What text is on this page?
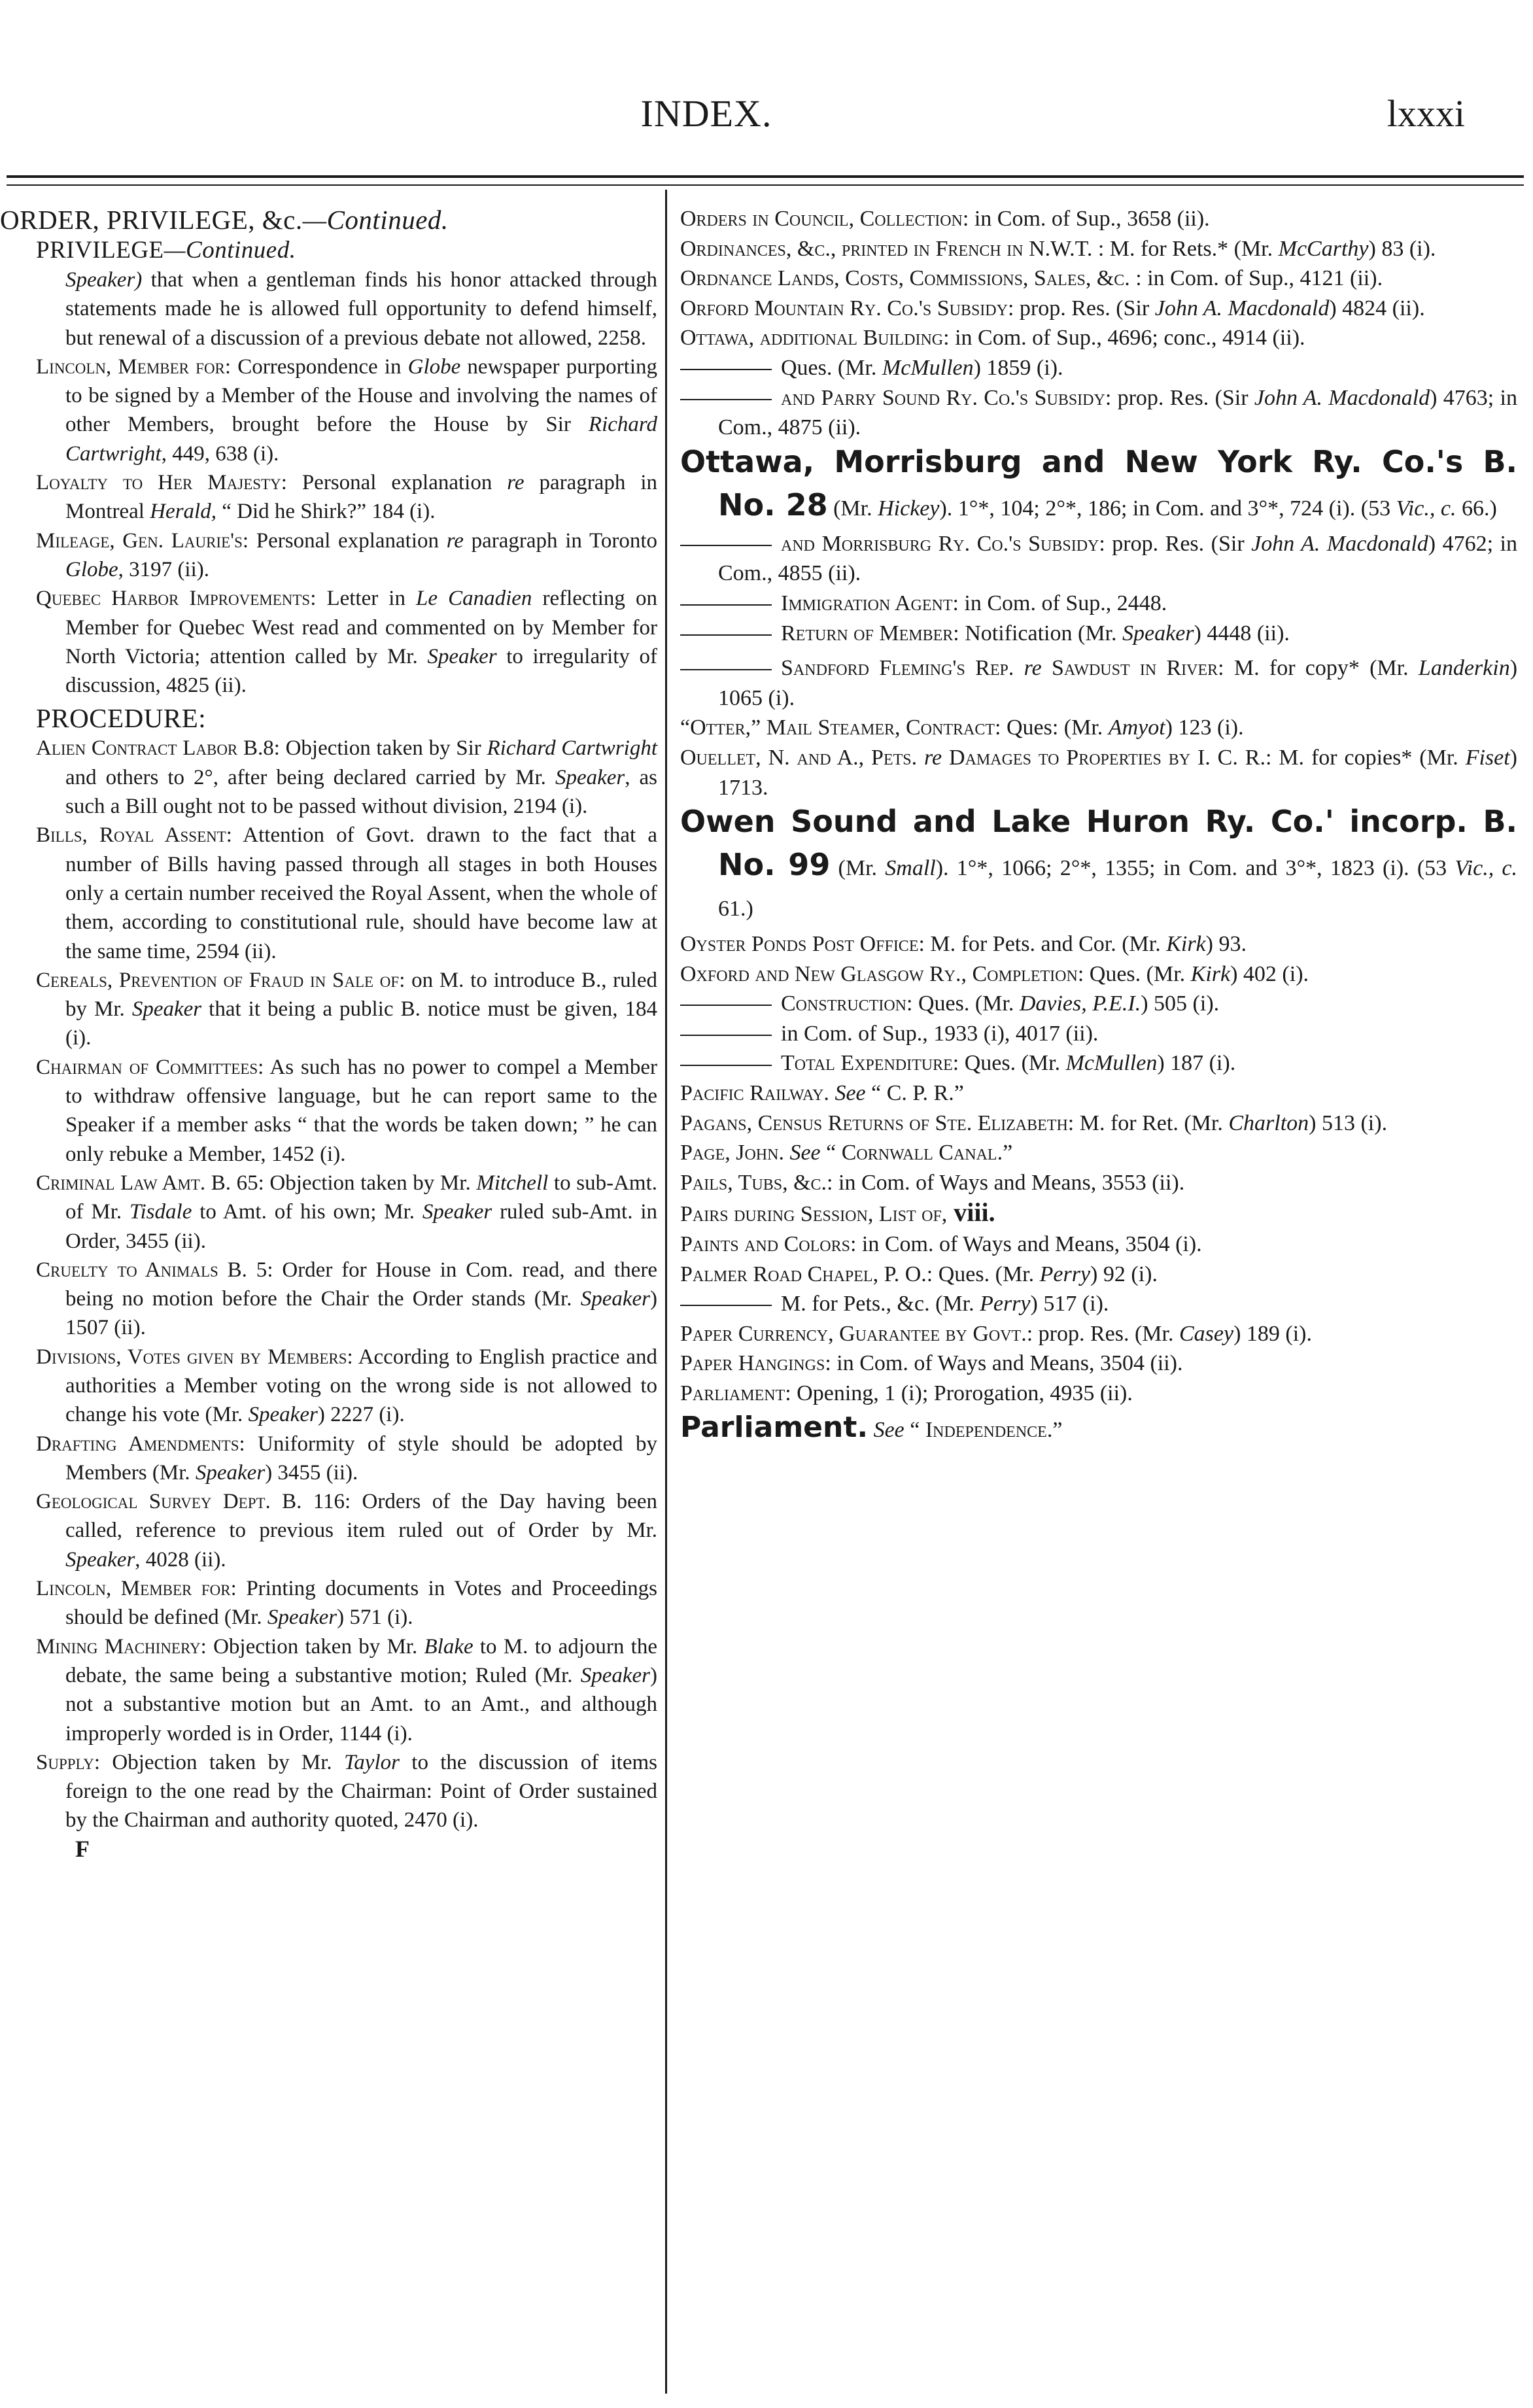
INDEX.	lxxxi

ORDER, PRIVILEGE, &c.—Continued.

PRIVILEGE—Continued.

Speaker) that when a gentleman finds his honor attacked through statements made he is allowed full opportunity to defend himself, but renewal of a discussion of a previous debate not allowed, 2258.

Lincoln, Member for: Correspondence in Globe newspaper purporting to be signed by a Member of the House and involving the names of other Members, brought before the House by Sir Richard Cartwright, 449, 638 (i).

Loyalty to Her Majesty: Personal explanation re paragraph in Montreal Herald, “ Did he Shirk?” 184 (i).

Mileage, Gen. Laurie's: Personal explanation re paragraph in Toronto Globe, 3197 (ii).

Quebec Harbor Improvements: Letter in Le Canadien reflecting on Member for Quebec West read and commented on by Member for North Victoria; attention called by Mr. Speaker to irregularity of discussion, 4825 (ii).

PROCEDURE:

Alien Contract Labor B.8: Objection taken by Sir Richard Cartwright and others to 2°, after being declared carried by Mr. Speaker, as such a Bill ought not to be passed without division, 2194 (i).

Bills, Royal Assent: Attention of Govt. drawn to the fact that a number of Bills having passed through all stages in both Houses only a certain number received the Royal Assent, when the whole of them, according to constitutional rule, should have become law at the same time, 2594 (ii).

Cereals, Prevention of Fraud in Sale of: on M. to introduce B., ruled by Mr. Speaker that it being a public B. notice must be given, 184 (i).

Chairman of Committees: As such has no power to compel a Member to withdraw offensive language, but he can report same to the Speaker if a member asks “ that the words be taken down; ” he can only rebuke a Member, 1452 (i).

Criminal Law Amt. B. 65: Objection taken by Mr. Mitchell to sub-Amt. of Mr. Tisdale to Amt. of his own; Mr. Speaker ruled sub-Amt. in Order, 3455 (ii).

Cruelty to Animals B. 5: Order for House in Com. read, and there being no motion before the Chair the Order stands (Mr. Speaker) 1507 (ii).

Divisions, Votes given by Members: According to English practice and authorities a Member voting on the wrong side is not allowed to change his vote (Mr. Speaker) 2227 (i).

Drafting Amendments: Uniformity of style should be adopted by Members (Mr. Speaker) 3455 (ii).

Geological Survey Dept. B. 116: Orders of the Day having been called, reference to previous item ruled out of Order by Mr. Speaker, 4028 (ii).

Lincoln, Member for: Printing documents in Votes and Proceedings should be defined (Mr. Speaker) 571 (i).

Mining Machinery: Objection taken by Mr. Blake to M. to adjourn the debate, the same being a substantive motion; Ruled (Mr. Speaker) not a substantive motion but an Amt. to an Amt., and although improperly worded is in Order, 1144 (i).

Supply: Objection taken by Mr. Taylor to the discussion of items foreign to the one read by the Chairman: Point of Order sustained by the Chairman and authority quoted, 2470 (i).

F

Orders in Council, Collection: in Com. of Sup., 3658 (ii).

Ordinances, &c., printed in French in N.W.T. : M. for Rets.* (Mr. McCarthy) 83 (i).

Ordnance Lands, Costs, Commissions, Sales, &c. : in Com. of Sup., 4121 (ii).

Orford Mountain Ry. Co.'s Subsidy: prop. Res. (Sir John A. Macdonald) 4824 (ii).

Ottawa, additional Building: in Com. of Sup., 4696; conc., 4914 (ii).

Ques. (Mr. McMullen) 1859 (i).

and Parry Sound Ry. Co.'s Subsidy: prop. Res. (Sir John A. Macdonald) 4763; in Com., 4875 (ii).

Ottawa, Morrisburg and New York Ry. Co.'s B. No. 28 (Mr. Hickey). 1°*, 104; 2°*, 186; in Com. and 3°*, 724 (i). (53 Vic., c. 66.)

and Morrisburg Ry. Co.'s Subsidy: prop. Res. (Sir John A. Macdonald) 4762; in Com., 4855 (ii).

Immigration Agent: in Com. of Sup., 2448.

Return of Member: Notification (Mr. Speaker) 4448 (ii).

Sandford Fleming's Rep. re Sawdust in River: M. for copy* (Mr. Landerkin) 1065 (i).

“Otter,” Mail Steamer, Contract: Ques: (Mr. Amyot) 123 (i).

Ouellet, N. and A., Pets. re Damages to Properties by I. C. R.: M. for copies* (Mr. Fiset) 1713.

Owen Sound and Lake Huron Ry. Co.' incorp. B. No. 99 (Mr. Small). 1°*, 1066; 2°*, 1355; in Com. and 3°*, 1823 (i). (53 Vic., c. 61.)

Oyster Ponds Post Office: M. for Pets. and Cor. (Mr. Kirk) 93.

Oxford and New Glasgow Ry., Completion: Ques. (Mr. Kirk) 402 (i).

Construction: Ques. (Mr. Davies, P.E.I.) 505 (i).

in Com. of Sup., 1933 (i), 4017 (ii).

Total Expenditure: Ques. (Mr. McMullen) 187 (i).

Pacific Railway. See “ C. P. R.”

Pagans, Census Returns of Ste. Elizabeth: M. for Ret. (Mr. Charlton) 513 (i).

Page, John. See “ Cornwall Canal.”

Pails, Tubs, &c.: in Com. of Ways and Means, 3553 (ii).

Pairs during Session, List of, viii.

Paints and Colors: in Com. of Ways and Means, 3504 (i).

Palmer Road Chapel, P. O.: Ques. (Mr. Perry) 92 (i).

M. for Pets., &c. (Mr. Perry) 517 (i).

Paper Currency, Guarantee by Govt.: prop. Res. (Mr. Casey) 189 (i).

Paper Hangings: in Com. of Ways and Means, 3504 (ii).

Parliament: Opening, 1 (i); Prorogation, 4935 (ii).

Parliament. See “ Independence.”
